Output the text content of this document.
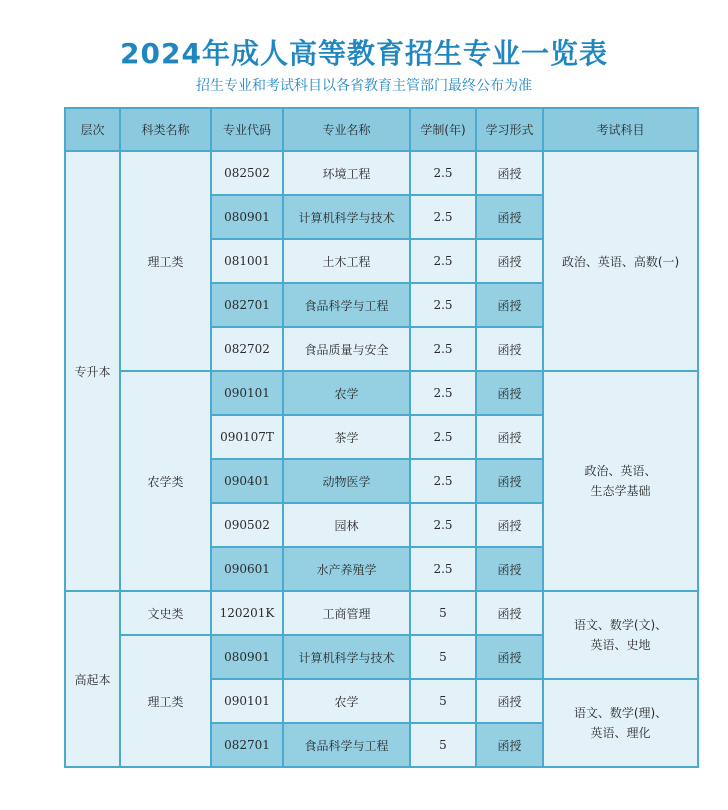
2024年成人高等教育招生专业一览表
招生专业和考试科目以各省教育主管部门最终公布为准
层次	科类名称	专业代码	专业名称	学制(年)	学习形式	考试科目
专升本	理工类	082502	环境工程	2.5	函授	政治、英语、高数(一)
		080901	计算机科学与技术	2.5	函授	
		081001	土木工程	2.5	函授	
		082701	食品科学与工程	2.5	函授	
		082702	食品质量与安全	2.5	函授	
	农学类	090101	农学	2.5	函授	政治、英语、
生态学基础

		090107T	茶学	2.5	函授	
		090401	动物医学	2.5	函授	
		090502	园林	2.5	函授	
		090601	水产养殖学	2.5	函授	
高起本	文史类	120201K	工商管理	5	函授	语文、数学(文)、
英语、史地

	理工类	080901	计算机科学与技术	5	函授	
		090101	农学	5	函授	语文、数学(理)、
英语、理化

		082701	食品科学与工程	5	函授	
